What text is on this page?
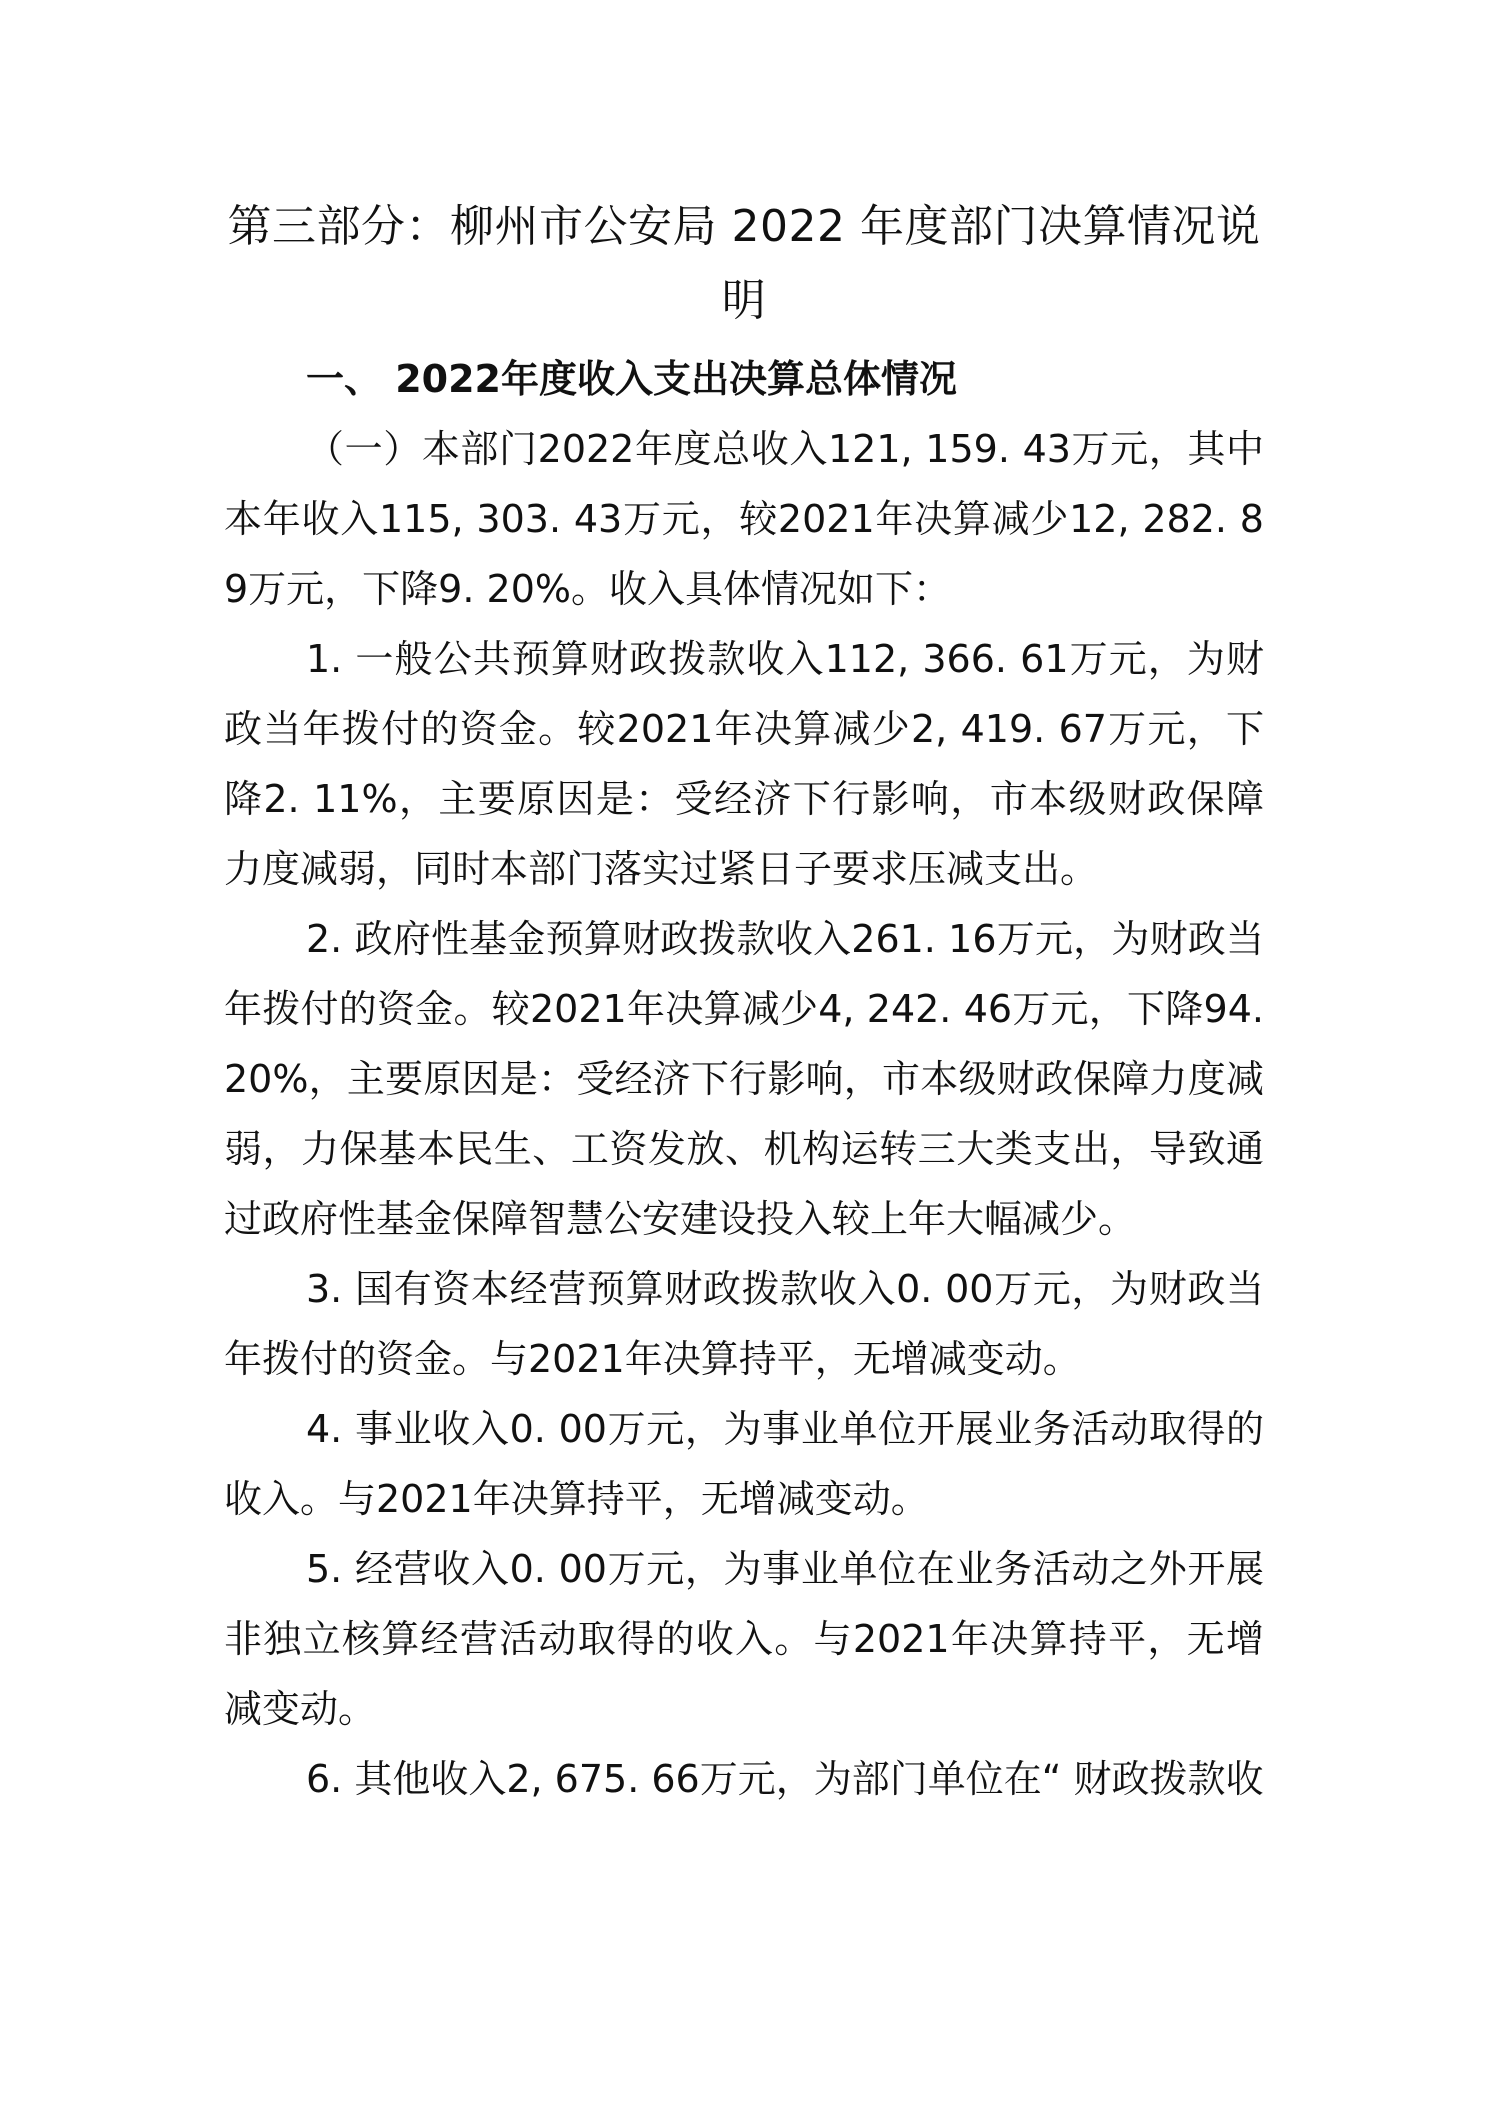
第三部分：柳州市公安局 2022 年度部门决算情况说明
一、 2022年度收入支出决算总体情况

（一）本部门2022年度总收入121, 159. 43万元，其中本年收入115, 303. 43万元，较2021年决算减少12, 282. 89万元，下降9. 20%。收入具体情况如下：

1. 一般公共预算财政拨款收入112, 366. 61万元，为财政当年拨付的资金。较2021年决算减少2, 419. 67万元，下降2. 11%，主要原因是：受经济下行影响，市本级财政保障力度减弱，同时本部门落实过紧日子要求压减支出。

2. 政府性基金预算财政拨款收入261. 16万元，为财政当年拨付的资金。较2021年决算减少4, 242. 46万元，下降94. 20%，主要原因是：受经济下行影响，市本级财政保障力度减弱，力保基本民生、工资发放、机构运转三大类支出，导致通过政府性基金保障智慧公安建设投入较上年大幅减少。

3. 国有资本经营预算财政拨款收入0. 00万元，为财政当年拨付的资金。与2021年决算持平，无增减变动。

4. 事业收入0. 00万元，为事业单位开展业务活动取得的收入。与2021年决算持平，无增减变动。

5. 经营收入0. 00万元，为事业单位在业务活动之外开展非独立核算经营活动取得的收入。与2021年决算持平，无增减变动。

6. 其他收入2, 675. 66万元，为部门单位在“ 财政拨款收
